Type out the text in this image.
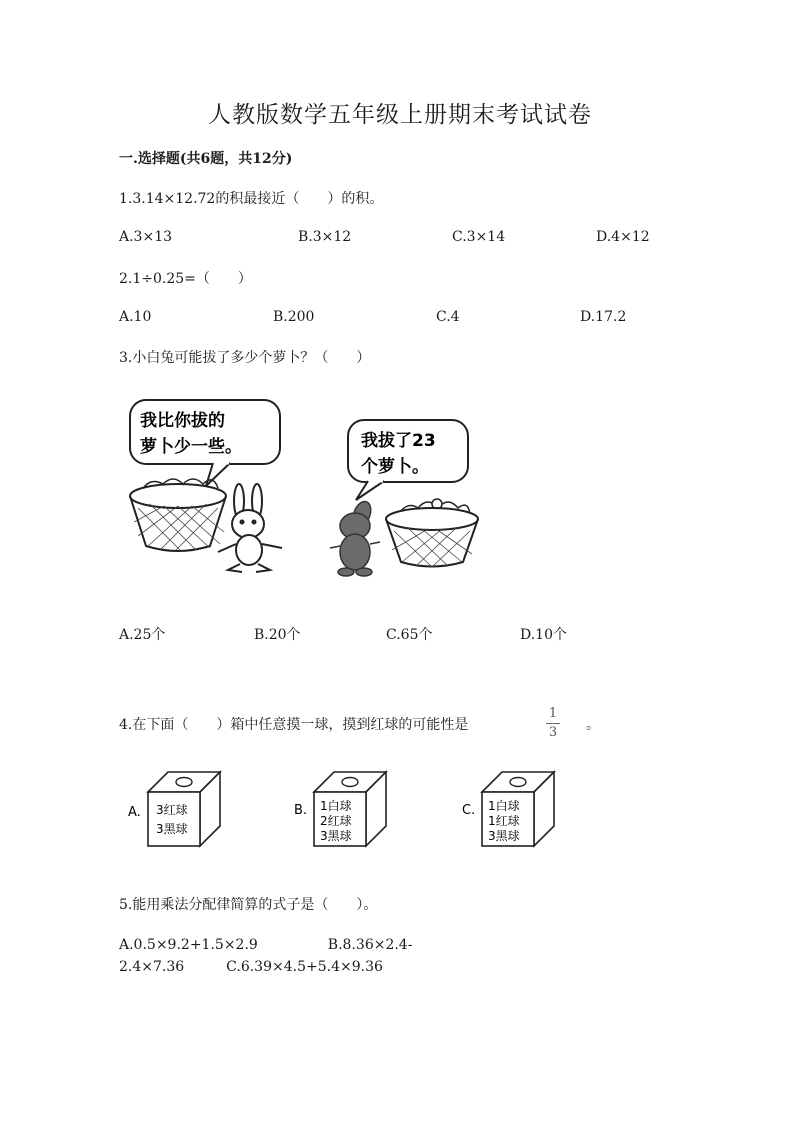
人教版数学五年级上册期末考试试卷
一.选择题(共6题，共12分)
1.3.14×12.72的积最接近（　　）的积。
A.3×13	B.3×12	C.3×14	D.4×12
2.1÷0.25=（　　）
A.10	B.200	C.4	D.17.2
3.小白兔可能拔了多少个萝卜？（　　）
我比你拔的
萝卜少一些。	我拔了23
个萝卜。
A.25个	B.20个	C.65个	D.10个
4.在下面（　　）箱中任意摸一球，摸到红球的可能性是
1
3 。
A. 3红球
3黑球
B. 1白球
2红球
3黑球
C. 1白球
1红球
3黑球
5.能用乘法分配律简算的式子是（　　）。
A.0.5×9.2+1.5×2.9　　　　　B.8.36×2.4-
2.4×7.36　　　C.6.39×4.5+5.4×9.36
